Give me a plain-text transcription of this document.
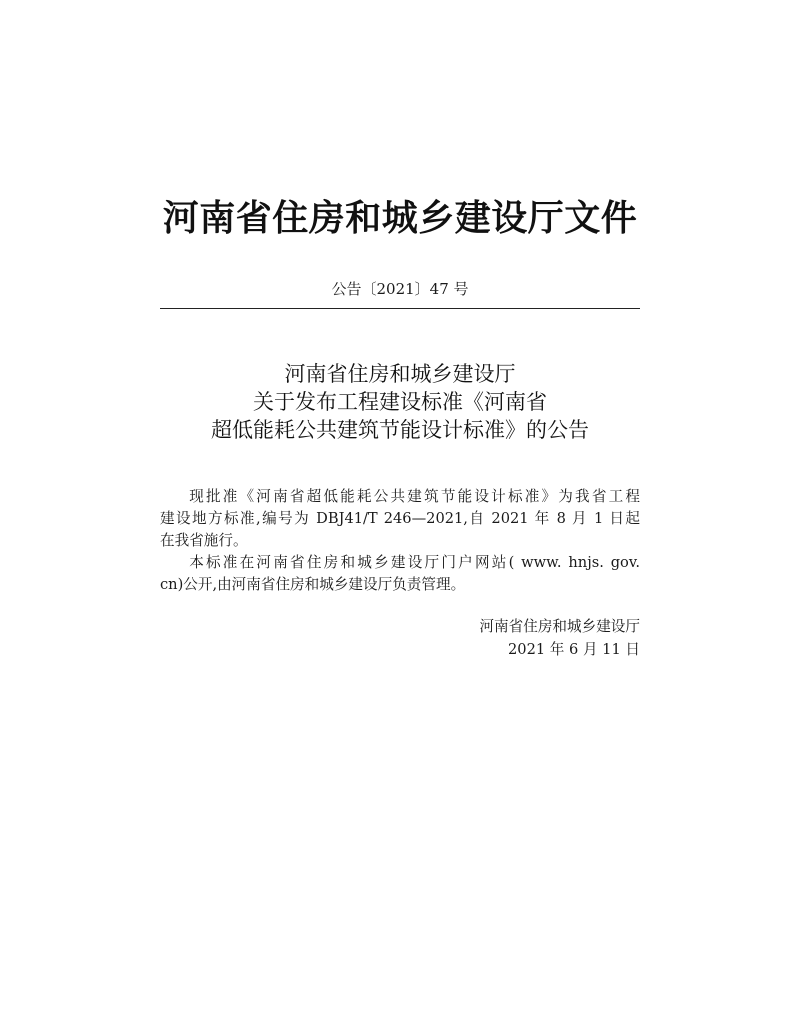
河南省住房和城乡建设厅文件
公告〔2021〕47 号
河南省住房和城乡建设厅
关于发布工程建设标准《河南省
超低能耗公共建筑节能设计标准》的公告

现批准《河南省超低能耗公共建筑节能设计标准》为我省工程
建设地方标准,编号为 DBJ41/T 246—2021,自 2021 年 8 月 1 日起
在我省施行。

本标准在河南省住房和城乡建设厅门户网站( www. hnjs. gov.
cn)公开,由河南省住房和城乡建设厅负责管理。

河南省住房和城乡建设厅
2021 年 6 月 11 日
